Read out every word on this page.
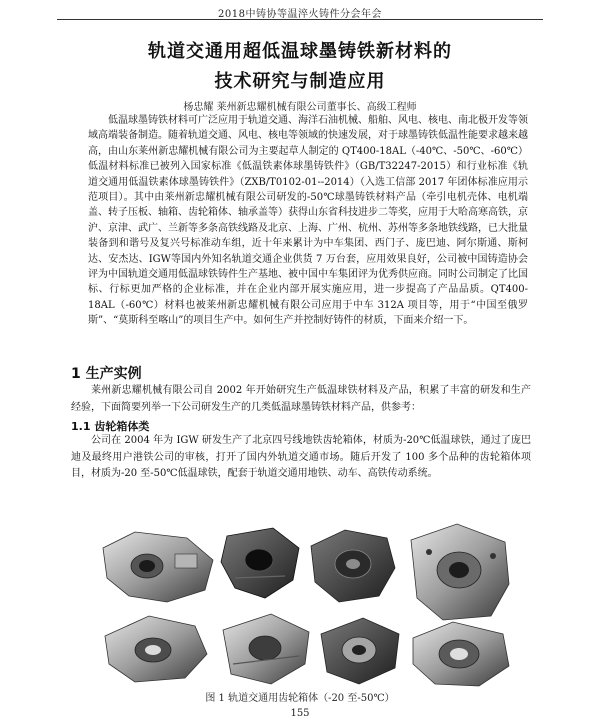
2018中铸协等温淬火铸件分会年会
轨道交通用超低温球墨铸铁新材料的
技术研究与制造应用
杨忠耀 莱州新忠耀机械有限公司董事长、高级工程师

低温球墨铸铁材料可广泛应用于轨道交通、海洋石油机械、船舶、风电、核电、南北极开发等领域高端装备制造。随着轨道交通、风电、核电等领域的快速发展，对于球墨铸铁低温性能要求越来越高，由山东莱州新忠耀机械有限公司为主要起草人制定的 QT400-18AL（-40℃、-50℃、-60℃）低温材料标准已被列入国家标准《低温铁素体球墨铸铁件》（GB/T32247-2015）和行业标准《轨道交通用低温铁素体球墨铸铁件》（ZXB/T0102-01--2014）（入选工信部 2017 年团体标准应用示范项目）。其中由莱州新忠耀机械有限公司研发的-50℃球墨铸铁材料产品（牵引电机壳体、电机端盖、转子压板、轴箱、齿轮箱体、轴承盖等）获得山东省科技进步二等奖，应用于大哈高寒高铁，京沪、京津、武广、兰新等多条高铁线路及北京、上海、广州、杭州、苏州等多条地铁线路，已大批量装备到和谐号及复兴号标准动车组，近十年来累计为中车集团、西门子、庞巴迪、阿尔斯通、斯柯达、安杰达、IGW等国内外知名轨道交通企业供货 7 万台套，应用效果良好，公司被中国铸造协会评为中国轨道交通用低温球铁铸件生产基地、被中国中车集团评为优秀供应商。同时公司制定了比国标、行标更加严格的企业标准，并在企业内部开展实施应用，进一步提高了产品品质。QT400-18AL（-60℃）材料也被莱州新忠耀机械有限公司应用于中车 312A 项目等，用于“中国至俄罗斯”、“莫斯科至喀山”的项目生产中。如何生产并控制好铸件的材质，下面来介绍一下。

1 生产实例

莱州新忠耀机械有限公司自 2002 年开始研究生产低温球铁材料及产品，积累了丰富的研发和生产经验，下面简要列举一下公司研发生产的几类低温球墨铸铁材料产品，供参考：

1.1 齿轮箱体类

公司在 2004 年为 IGW 研发生产了北京四号线地铁齿轮箱体，材质为-20℃低温球铁，通过了庞巴迪及最终用户港铁公司的审核，打开了国内外轨道交通市场。随后开发了 100 多个品种的齿轮箱体项目，材质为-20 至-50℃低温球铁，配套于轨道交通用地铁、动车、高铁传动系统。

图 1 轨道交通用齿轮箱体（-20 至-50℃）
155
